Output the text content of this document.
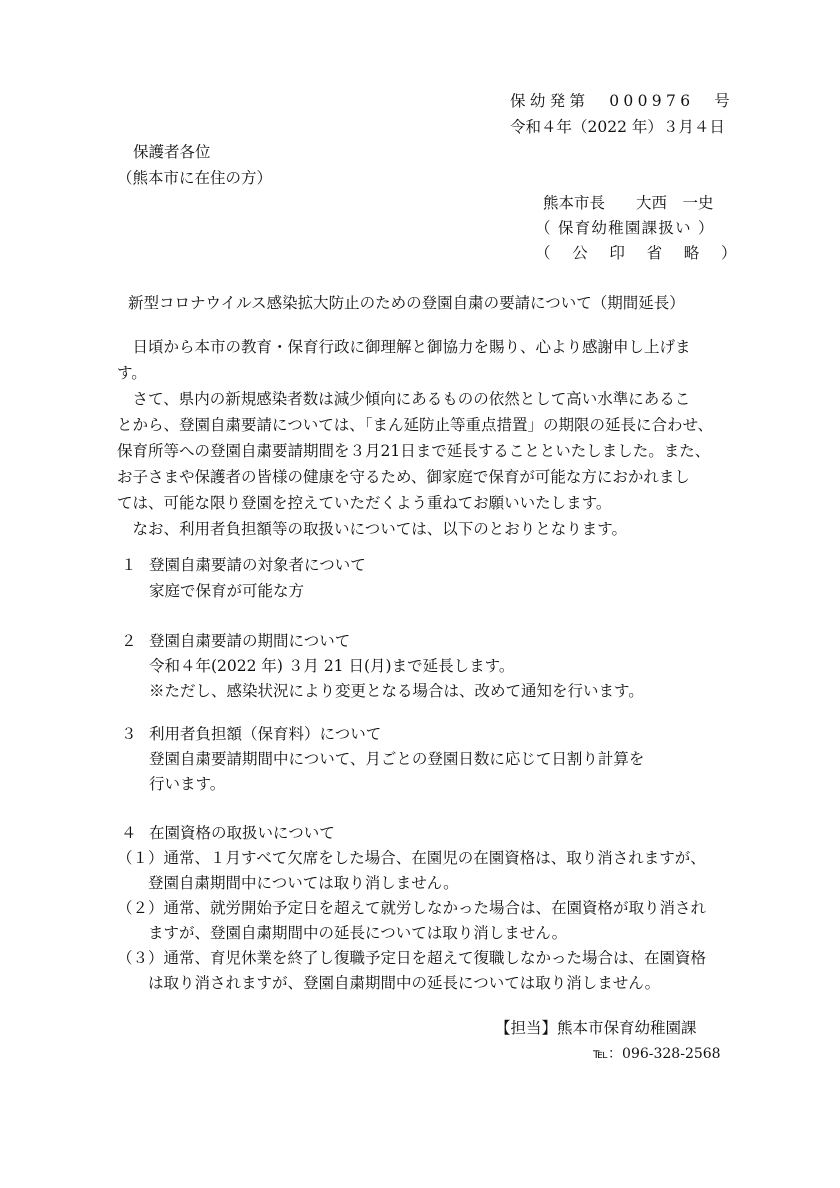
保幼発第　000976　号
令和４年（2022 年）３月４日
保護者各位
（熊本市に在住の方）
熊本市長　　大西　一史
（ 保育幼稚園課扱い ）
（　公　印　省　略　）
新型コロナウイルス感染拡大防止のための登園自粛の要請について（期間延長）

日頃から本市の教育・保育行政に御理解と御協力を賜り、心より感謝申し上げま

す。

さて、県内の新規感染者数は減少傾向にあるものの依然として高い水準にあるこ

とから、登園自粛要請については、「まん延防止等重点措置」の期限の延長に合わせ、

保育所等への登園自粛要請期間を３月21日まで延長することといたしました。また、

お子さまや保護者の皆様の健康を守るため、御家庭で保育が可能な方におかれまし

ては、可能な限り登園を控えていただくよう重ねてお願いいたします。

なお、利用者負担額等の取扱いについては、以下のとおりとなります。

１ 登園自粛要請の対象者について
家庭で保育が可能な方
２ 登園自粛要請の期間について
令和４年(2022 年) ３月 21 日(月)まで延長します。
※ただし、感染状況により変更となる場合は、改めて通知を行います。
３ 利用者負担額（保育料）について
登園自粛要請期間中について、月ごとの登園日数に応じて日割り計算を
行います。
４ 在園資格の取扱いについて
（１）通常、１月すべて欠席をした場合、在園児の在園資格は、取り消されますが、
　　登園自粛期間中については取り消しません。
（２）通常、就労開始予定日を超えて就労しなかった場合は、在園資格が取り消され
　　ますが、登園自粛期間中の延長については取り消しません。
（３）通常、育児休業を終了し復職予定日を超えて復職しなかった場合は、在園資格
　　は取り消されますが、登園自粛期間中の延長については取り消しません。
【担当】熊本市保育幼稚園課
℡：096-328-2568
